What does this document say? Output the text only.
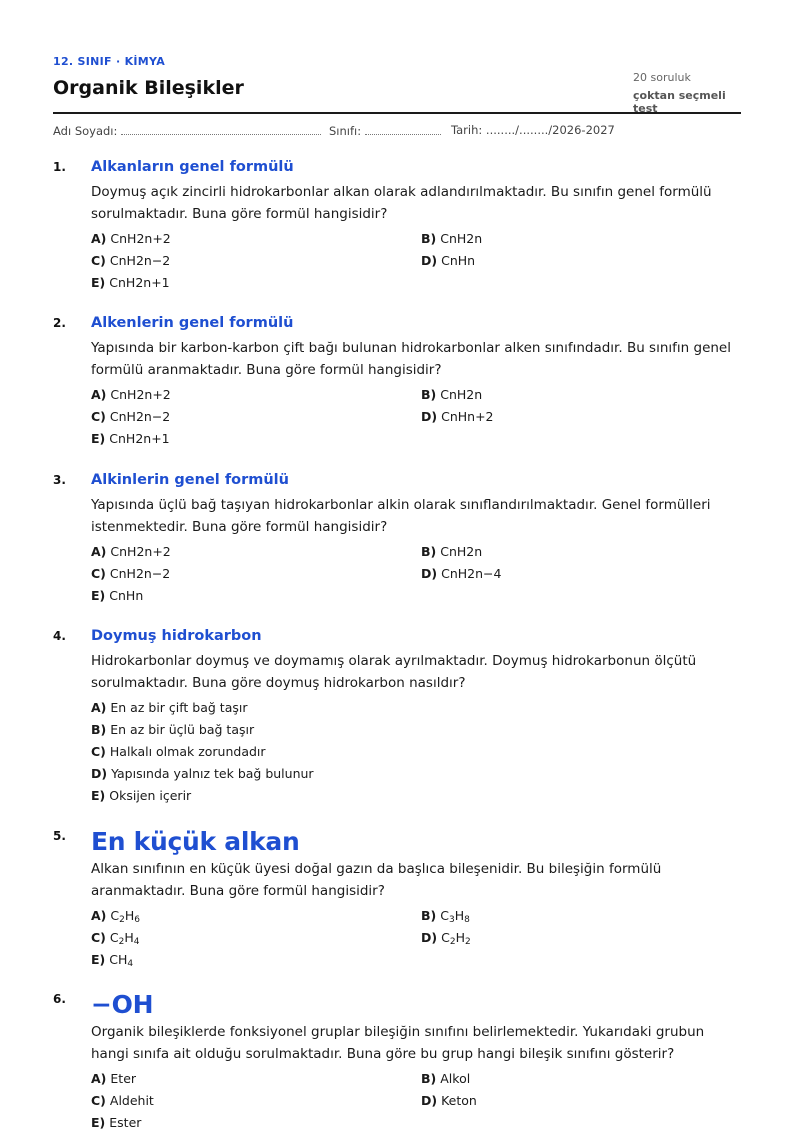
12. SINIF · KİMYA
Organik Bileşikler	20 soruluk
çoktan seçmeli test
Adı Soyadı:	Sınıfı:	Tarih: ......../......../2026-2027
1. Alkanların genel formülü
Doymuş açık zincirli hidrokarbonlar alkan olarak adlandırılmaktadır. Bu sınıfın genel formülü sorulmaktadır. Buna göre formül hangisidir?
A) CnH2n+2	B) CnH2n
C) CnH2n−2	D) CnHn
E) CnH2n+1
2. Alkenlerin genel formülü
Yapısında bir karbon-karbon çift bağı bulunan hidrokarbonlar alken sınıfındadır. Bu sınıfın genel formülü aranmaktadır. Buna göre formül hangisidir?
A) CnH2n+2	B) CnH2n
C) CnH2n−2	D) CnHn+2
E) CnH2n+1
3. Alkinlerin genel formülü
Yapısında üçlü bağ taşıyan hidrokarbonlar alkin olarak sınıflandırılmaktadır. Genel formülleri istenmektedir. Buna göre formül hangisidir?
A) CnH2n+2	B) CnH2n
C) CnH2n−2	D) CnH2n−4
E) CnHn
4. Doymuş hidrokarbon
Hidrokarbonlar doymuş ve doymamış olarak ayrılmaktadır. Doymuş hidrokarbonun ölçütü sorulmaktadır. Buna göre doymuş hidrokarbon nasıldır?
A) En az bir çift bağ taşır
B) En az bir üçlü bağ taşır
C) Halkalı olmak zorundadır
D) Yapısında yalnız tek bağ bulunur
E) Oksijen içerir
5. En küçük alkan
Alkan sınıfının en küçük üyesi doğal gazın da başlıca bileşenidir. Bu bileşiğin formülü aranmaktadır. Buna göre formül hangisidir?
A) $C_2H_6$	B) $C_3H_8$
C) $C_2H_4$	D) $C_2H_2$
E) $CH_4$
6. −OH
Organik bileşiklerde fonksiyonel gruplar bileşiğin sınıfını belirlemektedir. Yukarıdaki grubun hangi sınıfa ait olduğu sorulmaktadır. Buna göre bu grup hangi bileşik sınıfını gösterir?
A) Eter	B) Alkol
C) Aldehit	D) Keton
E) Ester
